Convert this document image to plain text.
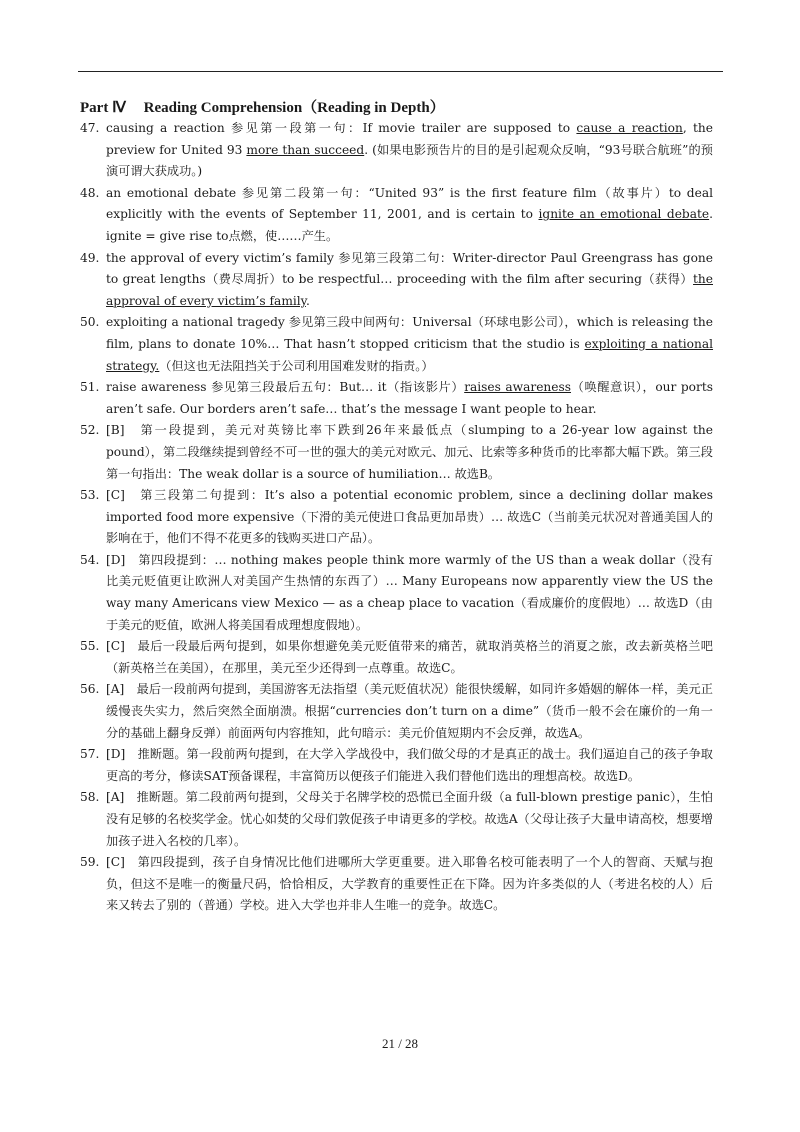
Part Ⅳ Reading Comprehension（Reading in Depth）
47. causing a reaction 参见第一段第一句：If movie trailer are supposed to cause a reaction, the preview for United 93 more than succeed. (如果电影预告片的目的是引起观众反响，“93号联合航班”的预演可谓大获成功。)
48. an emotional debate 参见第二段第一句：“United 93” is the first feature film（故事片）to deal explicitly with the events of September 11, 2001, and is certain to ignite an emotional debate. ignite = give rise to点燃，使……产生。
49. the approval of every victim’s family 参见第三段第二句：Writer-director Paul Greengrass has gone to great lengths（费尽周折）to be respectful… proceeding with the film after securing（获得）the approval of every victim’s family.
50. exploiting a national tragedy 参见第三段中间两句：Universal（环球电影公司），which is releasing the film, plans to donate 10%… That hasn’t stopped criticism that the studio is exploiting a national strategy.（但这也无法阻挡关于公司利用国难发财的指责。）
51. raise awareness 参见第三段最后五句：But… it（指该影片）raises awareness（唤醒意识），our ports aren’t safe. Our borders aren’t safe… that’s the message I want people to hear.
52. [B]　第一段提到，美元对英镑比率下跌到26年来最低点（slumping to a 26-year low against the pound），第二段继续提到曾经不可一世的强大的美元对欧元、加元、比索等多种货币的比率都大幅下跌。第三段第一句指出：The weak dollar is a source of humiliation… 故选B。
53. [C]　第三段第二句提到：It’s also a potential economic problem, since a declining dollar makes imported food more expensive（下滑的美元使进口食品更加昂贵）… 故选C（当前美元状况对普通美国人的影响在于，他们不得不花更多的钱购买进口产品）。
54. [D]　第四段提到：… nothing makes people think more warmly of the US than a weak dollar（没有比美元贬值更让欧洲人对美国产生热情的东西了）… Many Europeans now apparently view the US the way many Americans view Mexico — as a cheap place to vacation（看成廉价的度假地）… 故选D（由于美元的贬值，欧洲人将美国看成理想度假地）。
55. [C]　最后一段最后两句提到，如果你想避免美元贬值带来的痛苦，就取消英格兰的消夏之旅，改去新英格兰吧（新英格兰在美国），在那里，美元至少还得到一点尊重。故选C。
56. [A]　最后一段前两句提到，美国游客无法指望（美元贬值状况）能很快缓解，如同许多婚姻的解体一样，美元正缓慢丧失实力，然后突然全面崩溃。根据“currencies don’t turn on a dime”（货币一般不会在廉价的一角一分的基础上翻身反弹）前面两句内容推知，此句暗示：美元价值短期内不会反弹，故选A。
57. [D]　推断题。第一段前两句提到，在大学入学战役中，我们做父母的才是真正的战士。我们逼迫自己的孩子争取更高的考分，修读SAT预备课程，丰富简历以便孩子们能进入我们替他们选出的理想高校。故选D。
58. [A]　推断题。第二段前两句提到，父母关于名牌学校的恐慌已全面升级（a full-blown prestige panic），生怕没有足够的名校奖学金。忧心如焚的父母们敦促孩子申请更多的学校。故选A（父母让孩子大量申请高校，想要增加孩子进入名校的几率）。
59. [C]　第四段提到，孩子自身情况比他们进哪所大学更重要。进入耶鲁名校可能表明了一个人的智商、天赋与抱负，但这不是唯一的衡量尺码，恰恰相反，大学教育的重要性正在下降。因为许多类似的人（考进名校的人）后来又转去了别的（普通）学校。进入大学也并非人生唯一的竞争。故选C。
21 / 28
